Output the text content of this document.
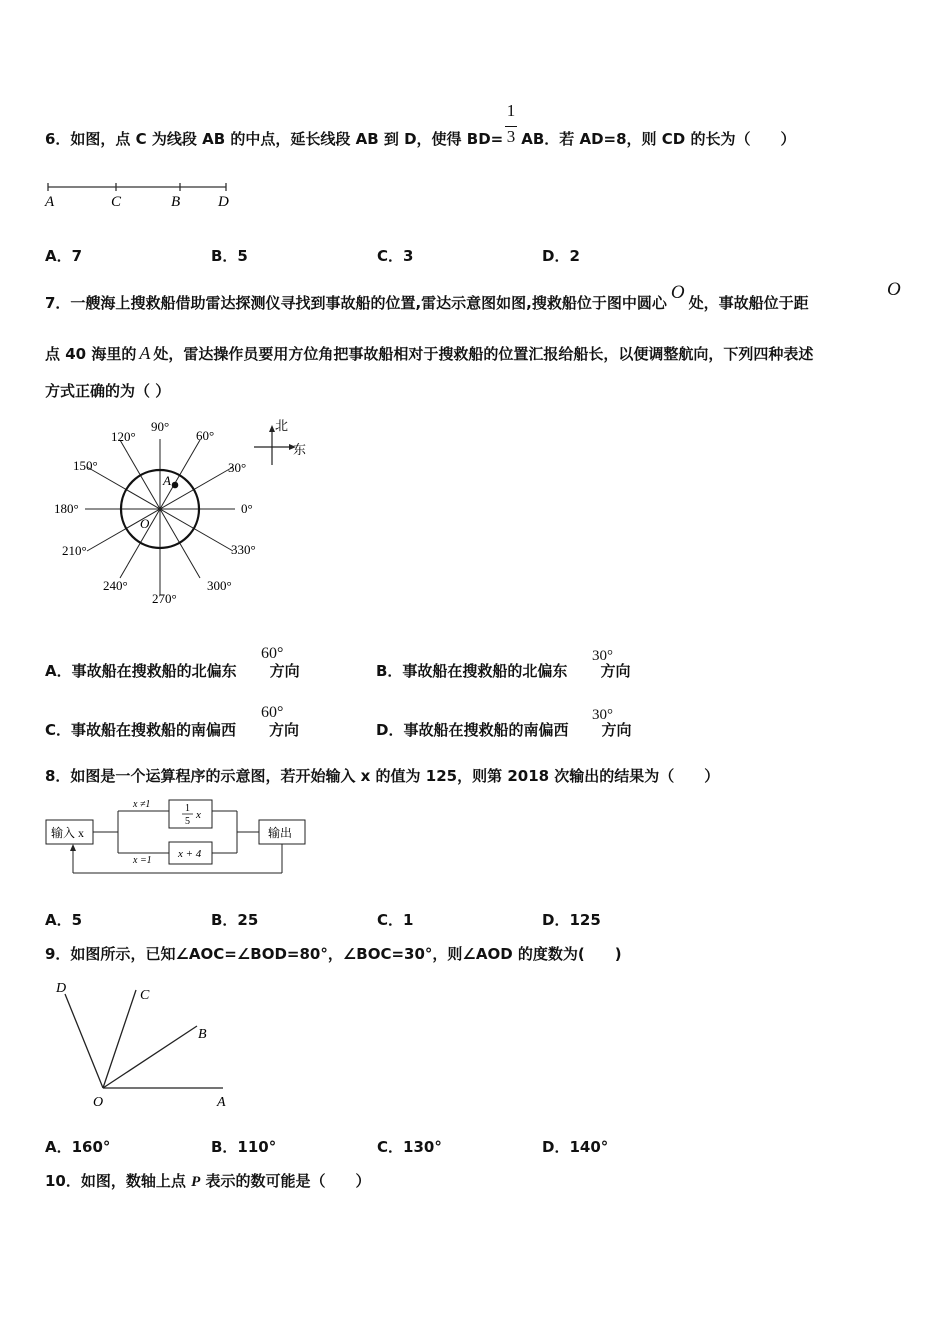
6．如图，点 C 为线段 AB 的中点，延长线段 AB 到 D，使得 BD= AB．若 AD=8，则 CD 的长为（　　）
1
3
A	C	B	D
A．7	B．5	C．3	D．2
7．一艘海上搜救船借助雷达探测仪寻找到事故船的位置,雷达示意图如图,搜救船位于图中圆心 O 处，事故船位于距
O
点 40 海里的 A 处，雷达操作员要用方位角把事故船相对于搜救船的位置汇报给船长，以便调整航向，下列四种表述
方式正确的为（ ）
A
O
90°
60°
120°
30°
150°
180°	0°
210°	330°
240°	300°
270°
北
东
A．事故船在搜救船的北偏东 方向
60°
B．事故船在搜救船的北偏东 方向
30°
C．事故船在搜救船的南偏西 方向
60°
D．事故船在搜救船的南偏西 方向
30°
8．如图是一个运算程序的示意图，若开始输入 x 的值为 125，则第 2018 次输出的结果为（　　）
输入 x	输出
x ≠1
x =1
1
5
x
x + 4
A．5	B．25	C．1	D．125
9．如图所示，已知∠AOC=∠BOD=80°，∠BOC=30°，则∠AOD 的度数为(　　)
D	C
B
O	A
A．160°	B．110°	C．130°	D．140°
10．如图，数轴上点 P 表示的数可能是（　　）
